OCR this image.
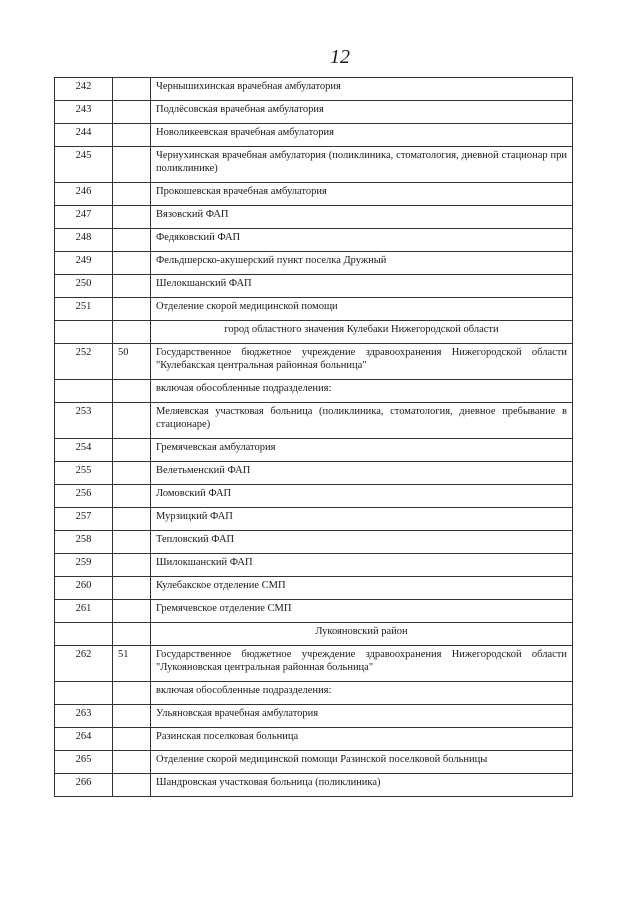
12
242		Чернышихинская врачебная амбулатория
243		Подлёсовская врачебная амбулатория
244		Новоликеевская врачебная амбулатория
245		Чернухинская врачебная амбулатория (поликлиника, стоматология, дневной стационар при поликлинике)
246		Прокошевская врачебная амбулатория
247		Вязовский ФАП
248		Федяковский ФАП
249		Фельдшерско-акушерский пункт поселка Дружный
250		Шелокшанский ФАП
251		Отделение скорой медицинской помощи
		город областного значения Кулебаки Нижегородской области
252	50	Государственное бюджетное учреждение здравоохранения Нижегородской области "Кулебакская центральная районная больница"
		включая обособленные подразделения:
253		Меляевская участковая больница (поликлиника, стоматология, дневное пребывание в стационаре)
254		Гремячевская амбулатория
255		Велетьменский ФАП
256		Ломовский ФАП
257		Мурзицкий ФАП
258		Тепловский ФАП
259		Шилокшанский ФАП
260		Кулебакское отделение СМП
261		Гремячевское отделение СМП
		Лукояновский район
262	51	Государственное бюджетное учреждение здравоохранения Нижегородской области "Лукояновская центральная районная больница"
		включая обособленные подразделения:
263		Ульяновская врачебная амбулатория
264		Разинская поселковая больница
265		Отделение скорой медицинской помощи Разинской поселковой больницы
266		Шандровская участковая больница (поликлиника)
